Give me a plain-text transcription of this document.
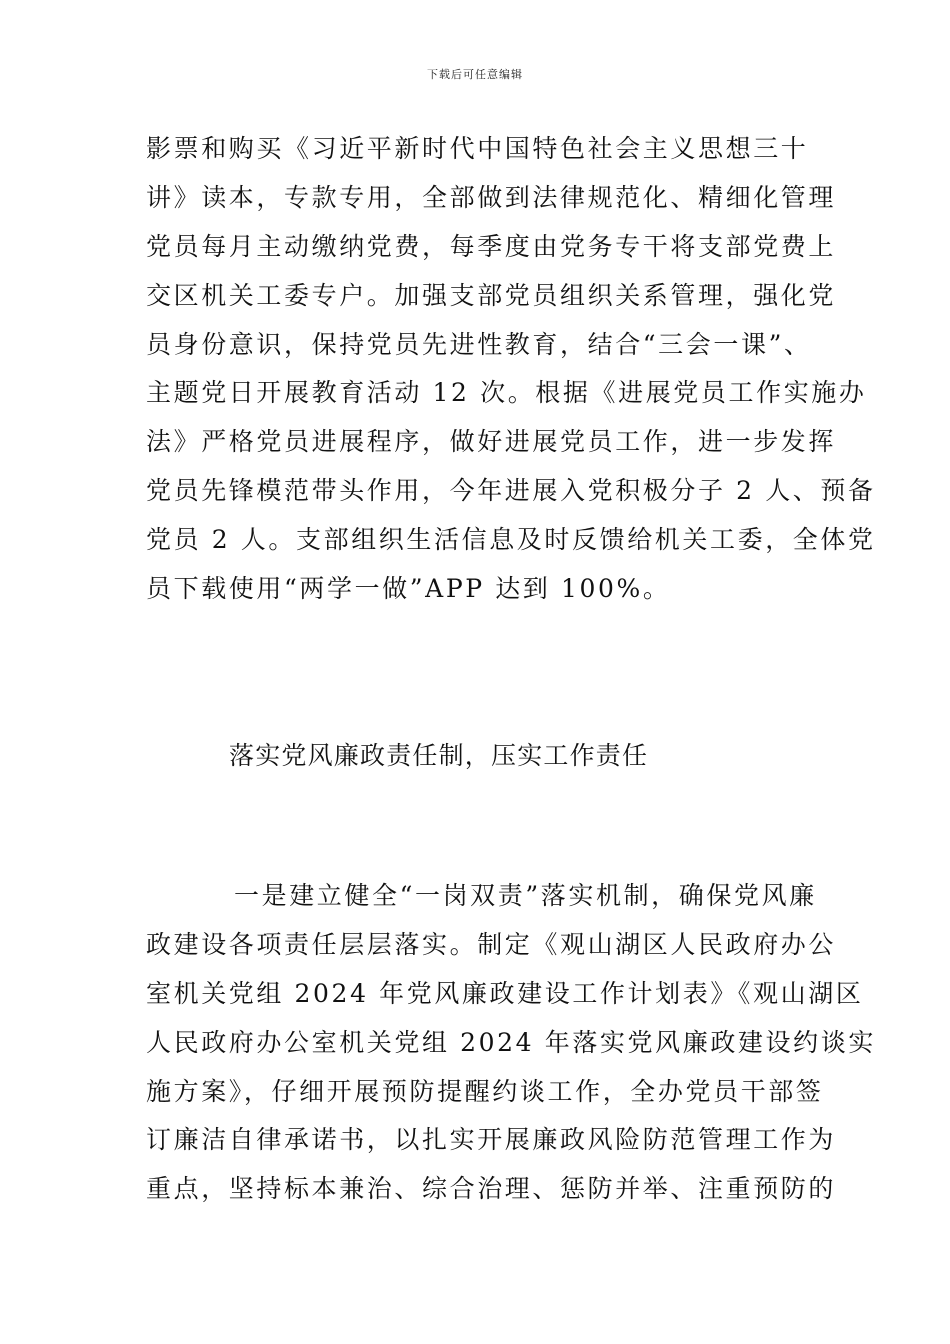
下载后可任意编辑
影票和购买《习近平新时代中国特色社会主义思想三十
讲》读本，专款专用，全部做到法律规范化、精细化管理
党员每月主动缴纳党费，每季度由党务专干将支部党费上
交区机关工委专户。加强支部党员组织关系管理，强化党
员身份意识，保持党员先进性教育，结合“三会一课”、
主题党日开展教育活动 12 次。根据《进展党员工作实施办
法》严格党员进展程序，做好进展党员工作，进一步发挥
党员先锋模范带头作用，今年进展入党积极分子 2 人、预备
党员 2 人。支部组织生活信息及时反馈给机关工委，全体党
员下载使用“两学一做”APP 达到 100%。
落实党风廉政责任制，压实工作责任
一是建立健全“一岗双责”落实机制，确保党风廉
政建设各项责任层层落实。制定《观山湖区人民政府办公
室机关党组 2024 年党风廉政建设工作计划表》《观山湖区
人民政府办公室机关党组 2024 年落实党风廉政建设约谈实
施方案》，仔细开展预防提醒约谈工作，全办党员干部签
订廉洁自律承诺书，以扎实开展廉政风险防范管理工作为
重点，坚持标本兼治、综合治理、惩防并举、注重预防的
